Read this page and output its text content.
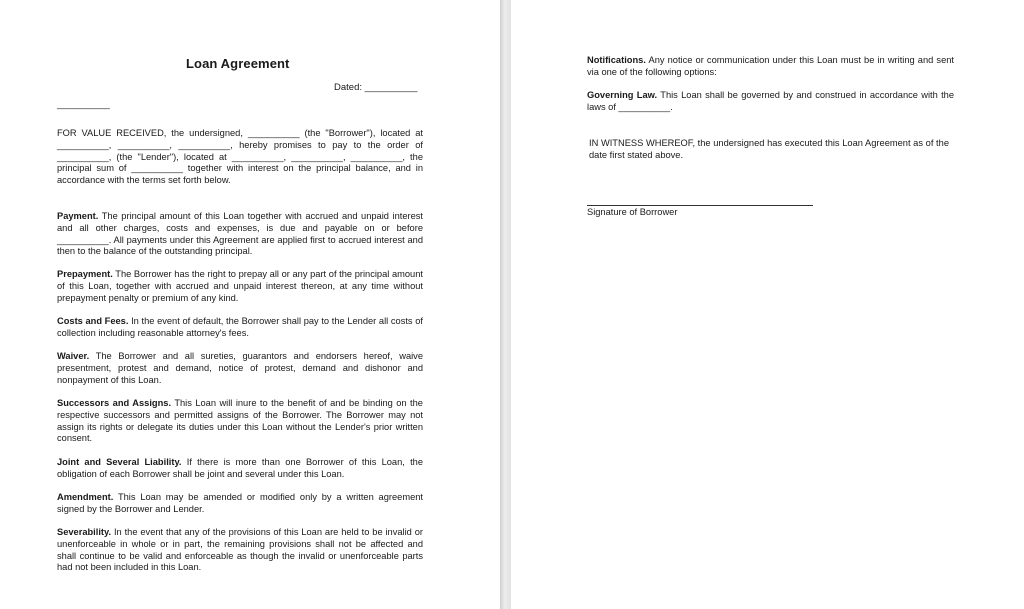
Loan Agreement
Dated: __________
__________
FOR VALUE RECEIVED, the undersigned, __________ (the "Borrower"), located at __________, __________, __________, hereby promises to pay to the order of __________, (the "Lender"), located at __________, __________, __________, the principal sum of __________ together with interest on the principal balance, and in accordance with the terms set forth below.
Payment. The principal amount of this Loan together with accrued and unpaid interest and all other charges, costs and expenses, is due and payable on or before __________. All payments under this Agreement are applied first to accrued interest and then to the balance of the outstanding principal.
Prepayment. The Borrower has the right to prepay all or any part of the principal amount of this Loan, together with accrued and unpaid interest thereon, at any time without prepayment penalty or premium of any kind.
Costs and Fees. In the event of default, the Borrower shall pay to the Lender all costs of collection including reasonable attorney's fees.
Waiver. The Borrower and all sureties, guarantors and endorsers hereof, waive presentment, protest and demand, notice of protest, demand and dishonor and nonpayment of this Loan.
Successors and Assigns. This Loan will inure to the benefit of and be binding on the respective successors and permitted assigns of the Borrower. The Borrower may not assign its rights or delegate its duties under this Loan without the Lender's prior written consent.
Joint and Several Liability. If there is more than one Borrower of this Loan, the obligation of each Borrower shall be joint and several under this Loan.
Amendment. This Loan may be amended or modified only by a written agreement signed by the Borrower and Lender.
Severability. In the event that any of the provisions of this Loan are held to be invalid or unenforceable in whole or in part, the remaining provisions shall not be affected and shall continue to be valid and enforceable as though the invalid or unenforceable parts had not been included in this Loan.
Notifications. Any notice or communication under this Loan must be in writing and sent via one of the following options:
Governing Law. This Loan shall be governed by and construed in accordance with the laws of __________.
IN WITNESS WHEREOF, the undersigned has executed this Loan Agreement as of the date first stated above.
Signature of Borrower
